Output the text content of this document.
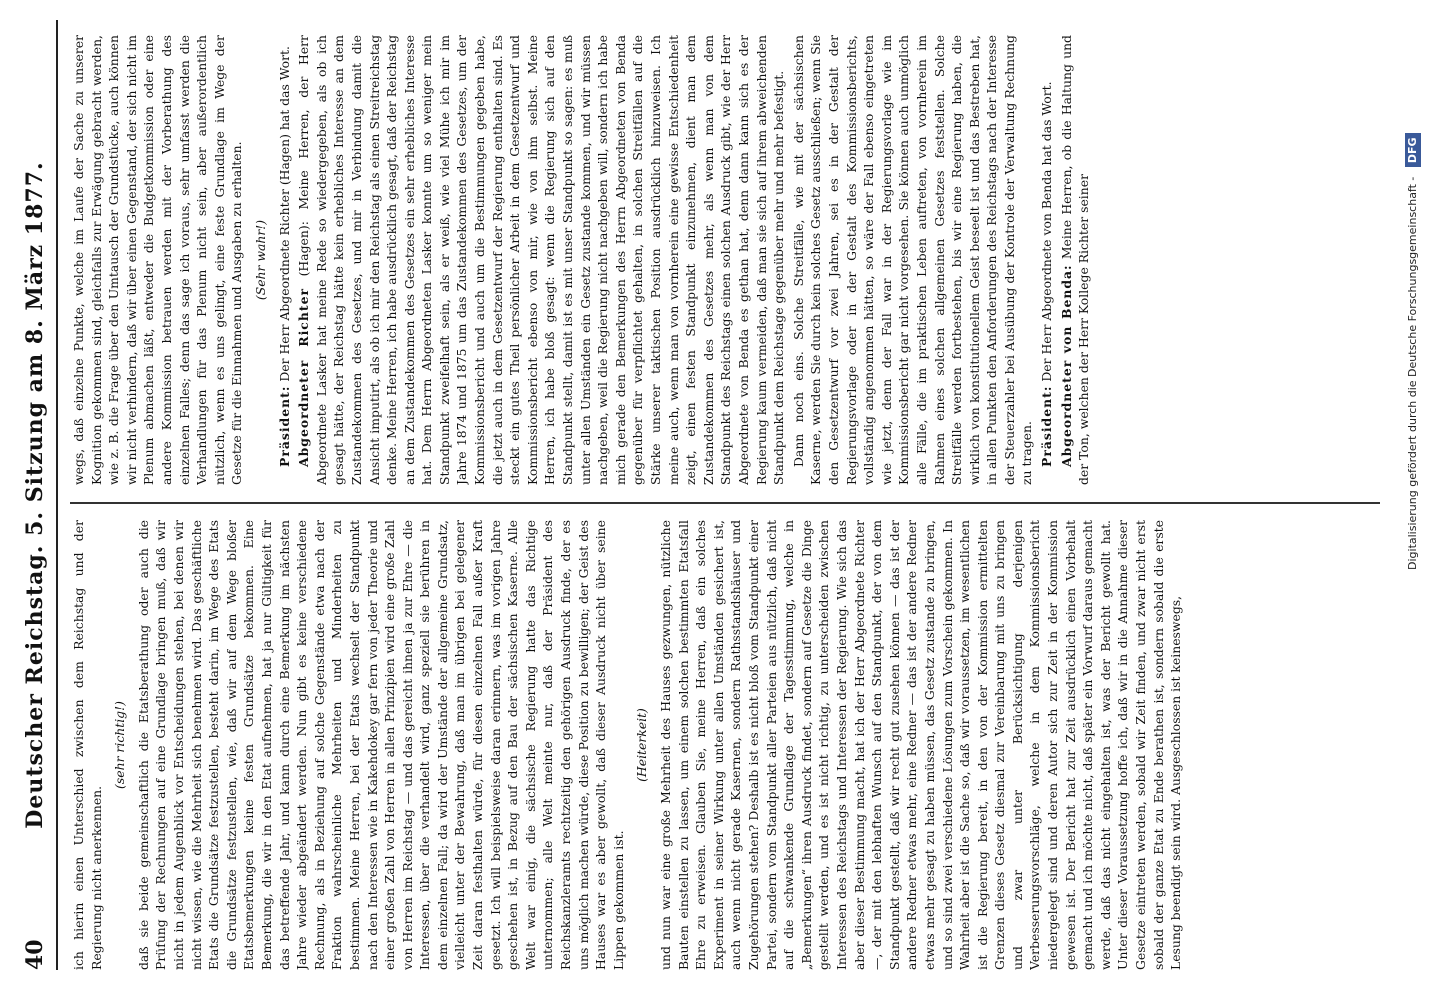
40
Deutscher Reichstag. 5. Sitzung am 8. März 1877. ich hierin einen Unterschied zwischen dem Reichstag und der Regierung nicht anerkennen.

(sehr richtig!) daß sie beide gemeinschaftlich die Etatsberathung oder auch die Prüfung der Rechnungen auf eine Grundlage bringen muß, daß wir nicht in jedem Augenblick vor Entscheidungen stehen, bei denen wir nicht wissen, wie die Mehrheit sich benehmen wird. Das geschäftliche Etats die Grundsätze festzustellen, besteht darin, im Wege des Etats die Grundsätze festzustellen, wie, daß wir auf dem Wege bloßer Etatsbemerkungen keine festen Grundsätze bekommen. Eine Bemerkung, die wir in den Etat aufnehmen, hat ja nur Gültigkeit für das betreffende Jahr, und kann durch eine Bemerkung im nächsten Jahre wieder abgeändert werden. Nun gibt es keine verschiedene Rechnung, als in Beziehung auf solche Gegenstände etwa nach der Fraktion wahrscheinliche Mehrheiten und Minderheiten zu bestimmen. Meine Herren, bei der Etats wechselt der Standpunkt nach den Interessen wie in Kakehdokey gar fern von jeder Theorie und einer großen Zahl von Herren in allen Prinzipien wird eine große Zahl von Herren im Reichstag — und das gereicht ihnen ja zur Ehre — die Interessen, über die verhandelt wird, ganz speziell sie berühren in dem einzelnen Fall; da wird der Umstände der allgemeine Grundsatz, vielleicht unter der Bewahrung, daß man im übrigen bei gelegener Zeit daran festhalten würde, für diesen einzelnen Fall außer Kraft gesetzt. Ich will beispielsweise daran erinnern, was im vorigen Jahre geschehen ist, in Bezug auf den Bau der sächsischen Kaserne. Alle Welt war einig, die sächsische Regierung hatte das Richtige unternommen; alle Welt meinte nur, daß der Präsident des Reichskanzleramts rechtzeitig den gehörigen Ausdruck finde, der es uns möglich machen würde, diese Position zu bewilligen; der Geist des Hauses war es aber gewollt, daß dieser Ausdruck nicht über seine Lippen gekommen ist.

(Heiterkeit) und nun war eine große Mehrheit des Hauses gezwungen, nützliche Bauten einstellen zu lassen, um einem solchen bestimmten Etatsfall Ehre zu erweisen. Glauben Sie, meine Herren, daß ein solches Experiment in seiner Wirkung unter allen Umständen gesichert ist, auch wenn nicht gerade Kasernen, sondern Rathsstandshäuser und Zugehörungen stehen? Deshalb ist es nicht bloß vom Standpunkt einer Partei, sondern vom Standpunkt aller Parteien aus nützlich, daß nicht auf die schwankende Grundlage der Tagesstimmung, welche in „Bemerkungen“ ihren Ausdruck findet, sondern auf Gesetze die Dinge gestellt werden, und es ist nicht richtig, zu unterscheiden zwischen Interessen des Reichstags und Interessen der Regierung. Wie sich das aber dieser Bestimmung macht, hat ich der Herr Abgeordnete Richter —, der mit den lebhaften Wunsch auf den Standpunkt, der von dem Standpunkt gestellt, daß wir recht gut zusehen können — das ist der andere Redner etwas mehr, eine Redner — das ist der andere Redner etwas mehr gesagt zu haben müssen, das Gesetz zustande zu bringen, und so sind zwei verschiedene Lösungen zum Vorschein gekommen. In Wahrheit aber ist die Sache so, daß wir voraussetzen, im wesentlichen ist die Regierung bereit, in den von der Kommission ermittelten Grenzen dieses Gesetz diesmal zur Vereinbarung mit uns zu bringen und zwar unter Berücksichtigung derjenigen Verbesserungsvorschläge, welche in dem Kommissionsbericht niedergelegt sind und deren Autor sich zur Zeit in der Kommission gewesen ist. Der Bericht hat zur Zeit ausdrücklich einen Vorbehalt gemacht und ich möchte nicht, daß später ein Vorwurf daraus gemacht werde, daß das nicht eingehalten ist, was der Bericht gewollt hat. Unter dieser Voraussetzung hoffe ich, daß wir in die Annahme dieser Gesetze eintreten werden, sobald wir Zeit finden, und zwar nicht erst sobald der ganze Etat zu Ende berathen ist, sondern sobald die erste Lesung beendigt sein wird. Ausgeschlossen ist keineswegs,

wegs, daß einzelne Punkte, welche im Laufe der Sache zu unserer Kognition gekommen sind, gleichfalls zur Erwägung gebracht werden, wie z. B. die Frage über den Umtausch der Grundstücke, auch können wir nicht verhindern, daß wir über einen Gegenstand, der sich nicht im Plenum abmachen läßt, entweder die Budgetkommission oder eine andere Kommission betrauen werden mit der Vorberathung des einzelnen Falles; denn das sage ich voraus, sehr umfasst werden die Verhandlungen für das Plenum nicht sein, aber außerordentlich nützlich, wenn es uns gelingt, eine feste Grundlage im Wege der Gesetze für die Einnahmen und Ausgaben zu erhalten. (Sehr wahr!)

Präsident: Der Herr Abgeordnete Richter (Hagen) hat das Wort. Abgeordneter Richter (Hagen): Meine Herren, der Herr Abgeordnete Lasker hat meine Rede so wiedergegeben, als ob ich gesagt hätte, der Reichstag hätte kein erhebliches Interesse an dem Zustandekommen des Gesetzes, und mir in Verbindung damit die Ansicht imputirt, als ob ich mir den Reichstag als einen Streitreichstag denke. Meine Herren, ich habe ausdrücklich gesagt, daß der Reichstag an dem Zustandekommen des Gesetzes ein sehr erhebliches Interesse hat. Dem Herrn Abgeordneten Lasker konnte um so weniger mein Standpunkt zweifelhaft sein, als er weiß, wie viel Mühe ich mir im Jahre 1874 und 1875 um das Zustandekommen des Gesetzes, um der Kommissionsbericht und auch um die Bestimmungen gegeben habe, die jetzt auch in dem Gesetzentwurf der Regierung enthalten sind. Es steckt ein gutes Theil persönlicher Arbeit in dem Gesetzentwurf und Kommissionsbericht ebenso von mir, wie von ihm selbst. Meine Herren, ich habe bloß gesagt: wenn die Regierung sich auf den Standpunkt stellt, damit ist es mit unser Standpunkt so sagen: es muß unter allen Umständen ein Gesetz zustande kommen, und wir müssen nachgeben, weil die Regierung nicht nachgeben will, sondern ich habe mich gerade den Bemerkungen des Herrn Abgeordneten von Benda gegenüber für verpflichtet gehalten, in solchen Streitfällen auf die Stärke unserer taktischen Position ausdrücklich hinzuweisen. Ich meine auch, wenn man von vornherein eine gewisse Entschiedenheit zeigt, einen festen Standpunkt einzunehmen, dient man dem Zustandekommen des Gesetzes mehr, als wenn man von dem Standpunkt des Reichstags einen solchen Ausdruck gibt, wie der Herr Abgeordnete von Benda es gethan hat, denn dann kann sich es der Regierung kaum vermeiden, daß man sie sich auf ihrem abweichenden Standpunkt dem Reichstage gegenüber mehr und mehr befestigt. Dann noch eins. Solche Streitfälle, wie mit der sächsischen Kaserne, werden Sie durch kein solches Gesetz ausschließen; wenn Sie den Gesetzentwurf vor zwei Jahren, sei es in der Gestalt der Regierungsvorlage oder in der Gestalt des Kommissionsberichts, vollständig angenommen hätten, so wäre der Fall ebenso eingetreten wie jetzt, denn der Fall war in der Regierungsvorlage wie im Kommissionsbericht gar nicht vorgesehen. Sie können auch unmöglich alle Fälle, die im praktischen Leben auftreten, von vornherein im Rahmen eines solchen allgemeinen Gesetzes feststellen. Solche Streitfälle werden fortbestehen, bis wir eine Regierung haben, die wirklich von konstitutionellem Geist beseelt ist und das Bestreben hat, in allen Punkten den Anforderungen des Reichstags nach der Interesse der Steuerzahler bei Ausübung der Kontrole der Verwaltung Rechnung zu tragen. Präsident: Der Herr Abgeordnete von Benda hat das Wort. Abgeordneter von Benda: Meine Herren, ob die Haltung und der Ton, welchen der Herr Kollege Richter seiner	Digitalisierung gefördert durch die Deutsche Forschungsgemeinschaft - DFG
